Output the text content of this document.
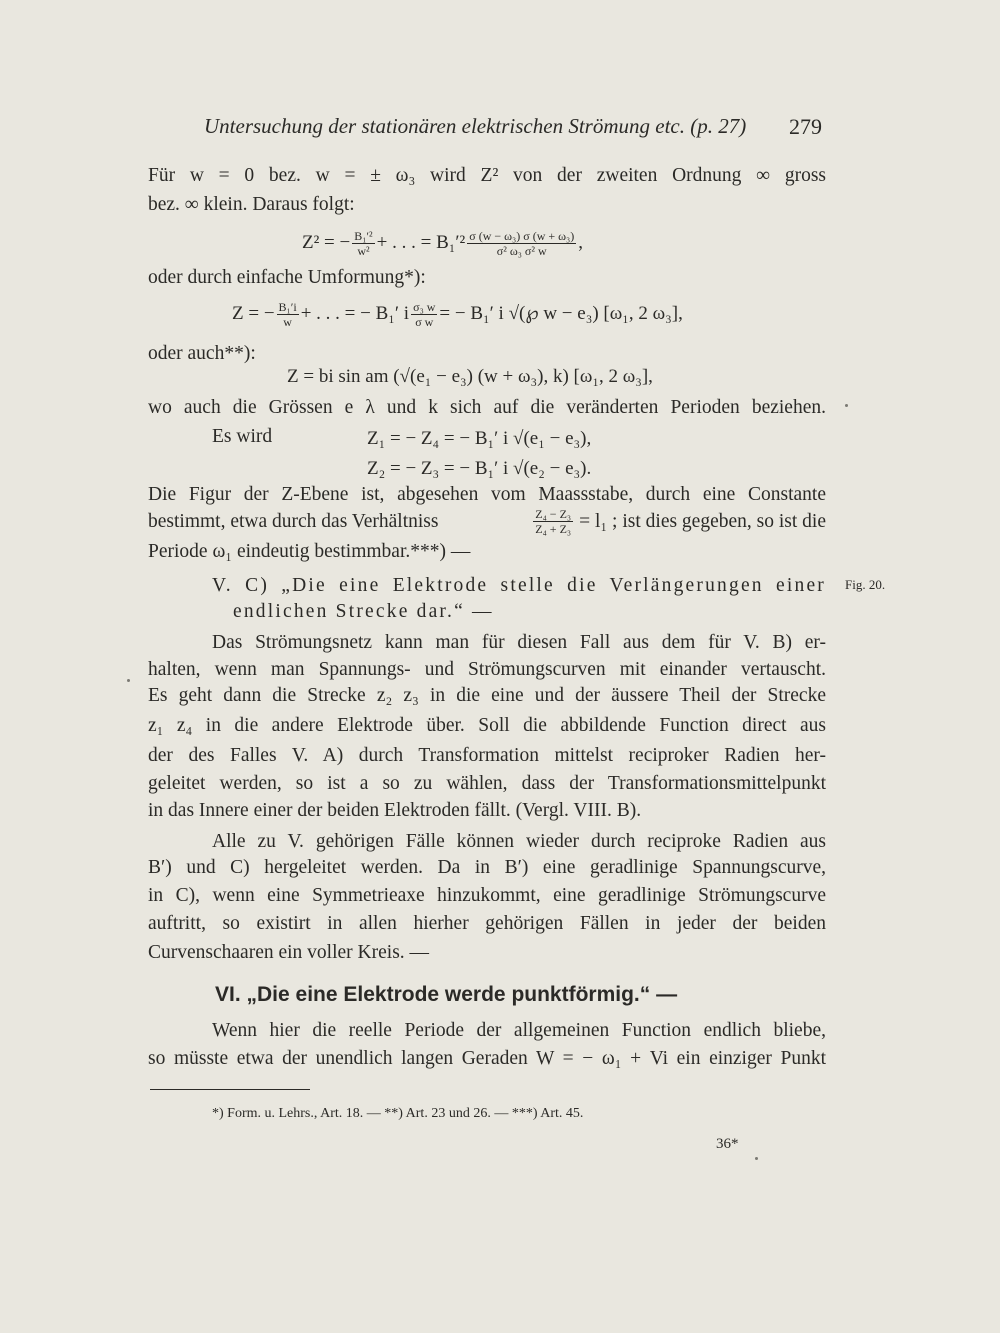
Untersuchung der stationären elektrischen Strömung etc. (p. 27) 279
Für w = 0 bez. w = ± ω₃ wird Z² von der zweiten Ordnung ∞ gross
bez. ∞ klein. Daraus folgt:
Z² = − $\frac{\text{B₁′²}}{\text{w²}}$ + . . . = $B_1'^2 \frac{\text{σ (w − ω₃) σ (w + ω₃)}}{\text{σ² ω₃ σ² w}}$ ,
oder durch einfache Umformung*):
Z = − $\frac{\text{B₁′i}}{w}$ + . . . = − B₁′ i $\frac{\text{σ₃ w}}{\text{σ w}}$ = − B₁′ i √(℘ w − e₃) [ω₁, 2 ω₃],
oder auch**):
Z = bi sin am (√(e₁ − e₃) (w + ω₃), k) [ω₁, 2 ω₃],
wo auch die Grössen e λ und k sich auf die veränderten Perioden beziehen.
Es wird	Z₁ = − Z₄ = − B₁′ i √(e₁ − e₃),
Z₂ = − Z₃ = − B₁′ i √(e₂ − e₃).
Die Figur der Z-Ebene ist, abgesehen vom Maassstabe, durch eine Constante
bestimmt, etwa durch das Verhältniss	$\frac{\text{Z₄ − Z₃}}{\text{Z₄ + Z₃}} = l_1$ ; ist dies gegeben, so ist die
Periode ω₁ eindeutig bestimmbar.***) —
V. C) „Die eine Elektrode stelle die Verlängerungen einer Fig. 20.
endlichen Strecke dar.“ —
Das Strömungsnetz kann man für diesen Fall aus dem für V. B) er-
halten, wenn man Spannungs- und Strömungscurven mit einander vertauscht.
Es geht dann die Strecke z₂ z₃ in die eine und der äussere Theil der Strecke
z₁ z₄ in die andere Elektrode über. Soll die abbildende Function direct aus
der des Falles V. A) durch Transformation mittelst reciproker Radien her-
geleitet werden, so ist a so zu wählen, dass der Transformationsmittelpunkt
in das Innere einer der beiden Elektroden fällt. (Vergl. VIII. B).
Alle zu V. gehörigen Fälle können wieder durch reciproke Radien aus
B′) und C) hergeleitet werden. Da in B′) eine geradlinige Spannungscurve,
in C), wenn eine Symmetrieaxe hinzukommt, eine geradlinige Strömungscurve
auftritt, so existirt in allen hierher gehörigen Fällen in jeder der beiden
Curvenschaaren ein voller Kreis. —
VI. „Die eine Elektrode werde punktförmig.“ —
Wenn hier die reelle Periode der allgemeinen Function endlich bliebe,
so müsste etwa der unendlich langen Geraden W = − ω₁ + Vi ein einziger Punkt
*) Form. u. Lehrs., Art. 18. — **) Art. 23 und 26. — ***) Art. 45.
36*
